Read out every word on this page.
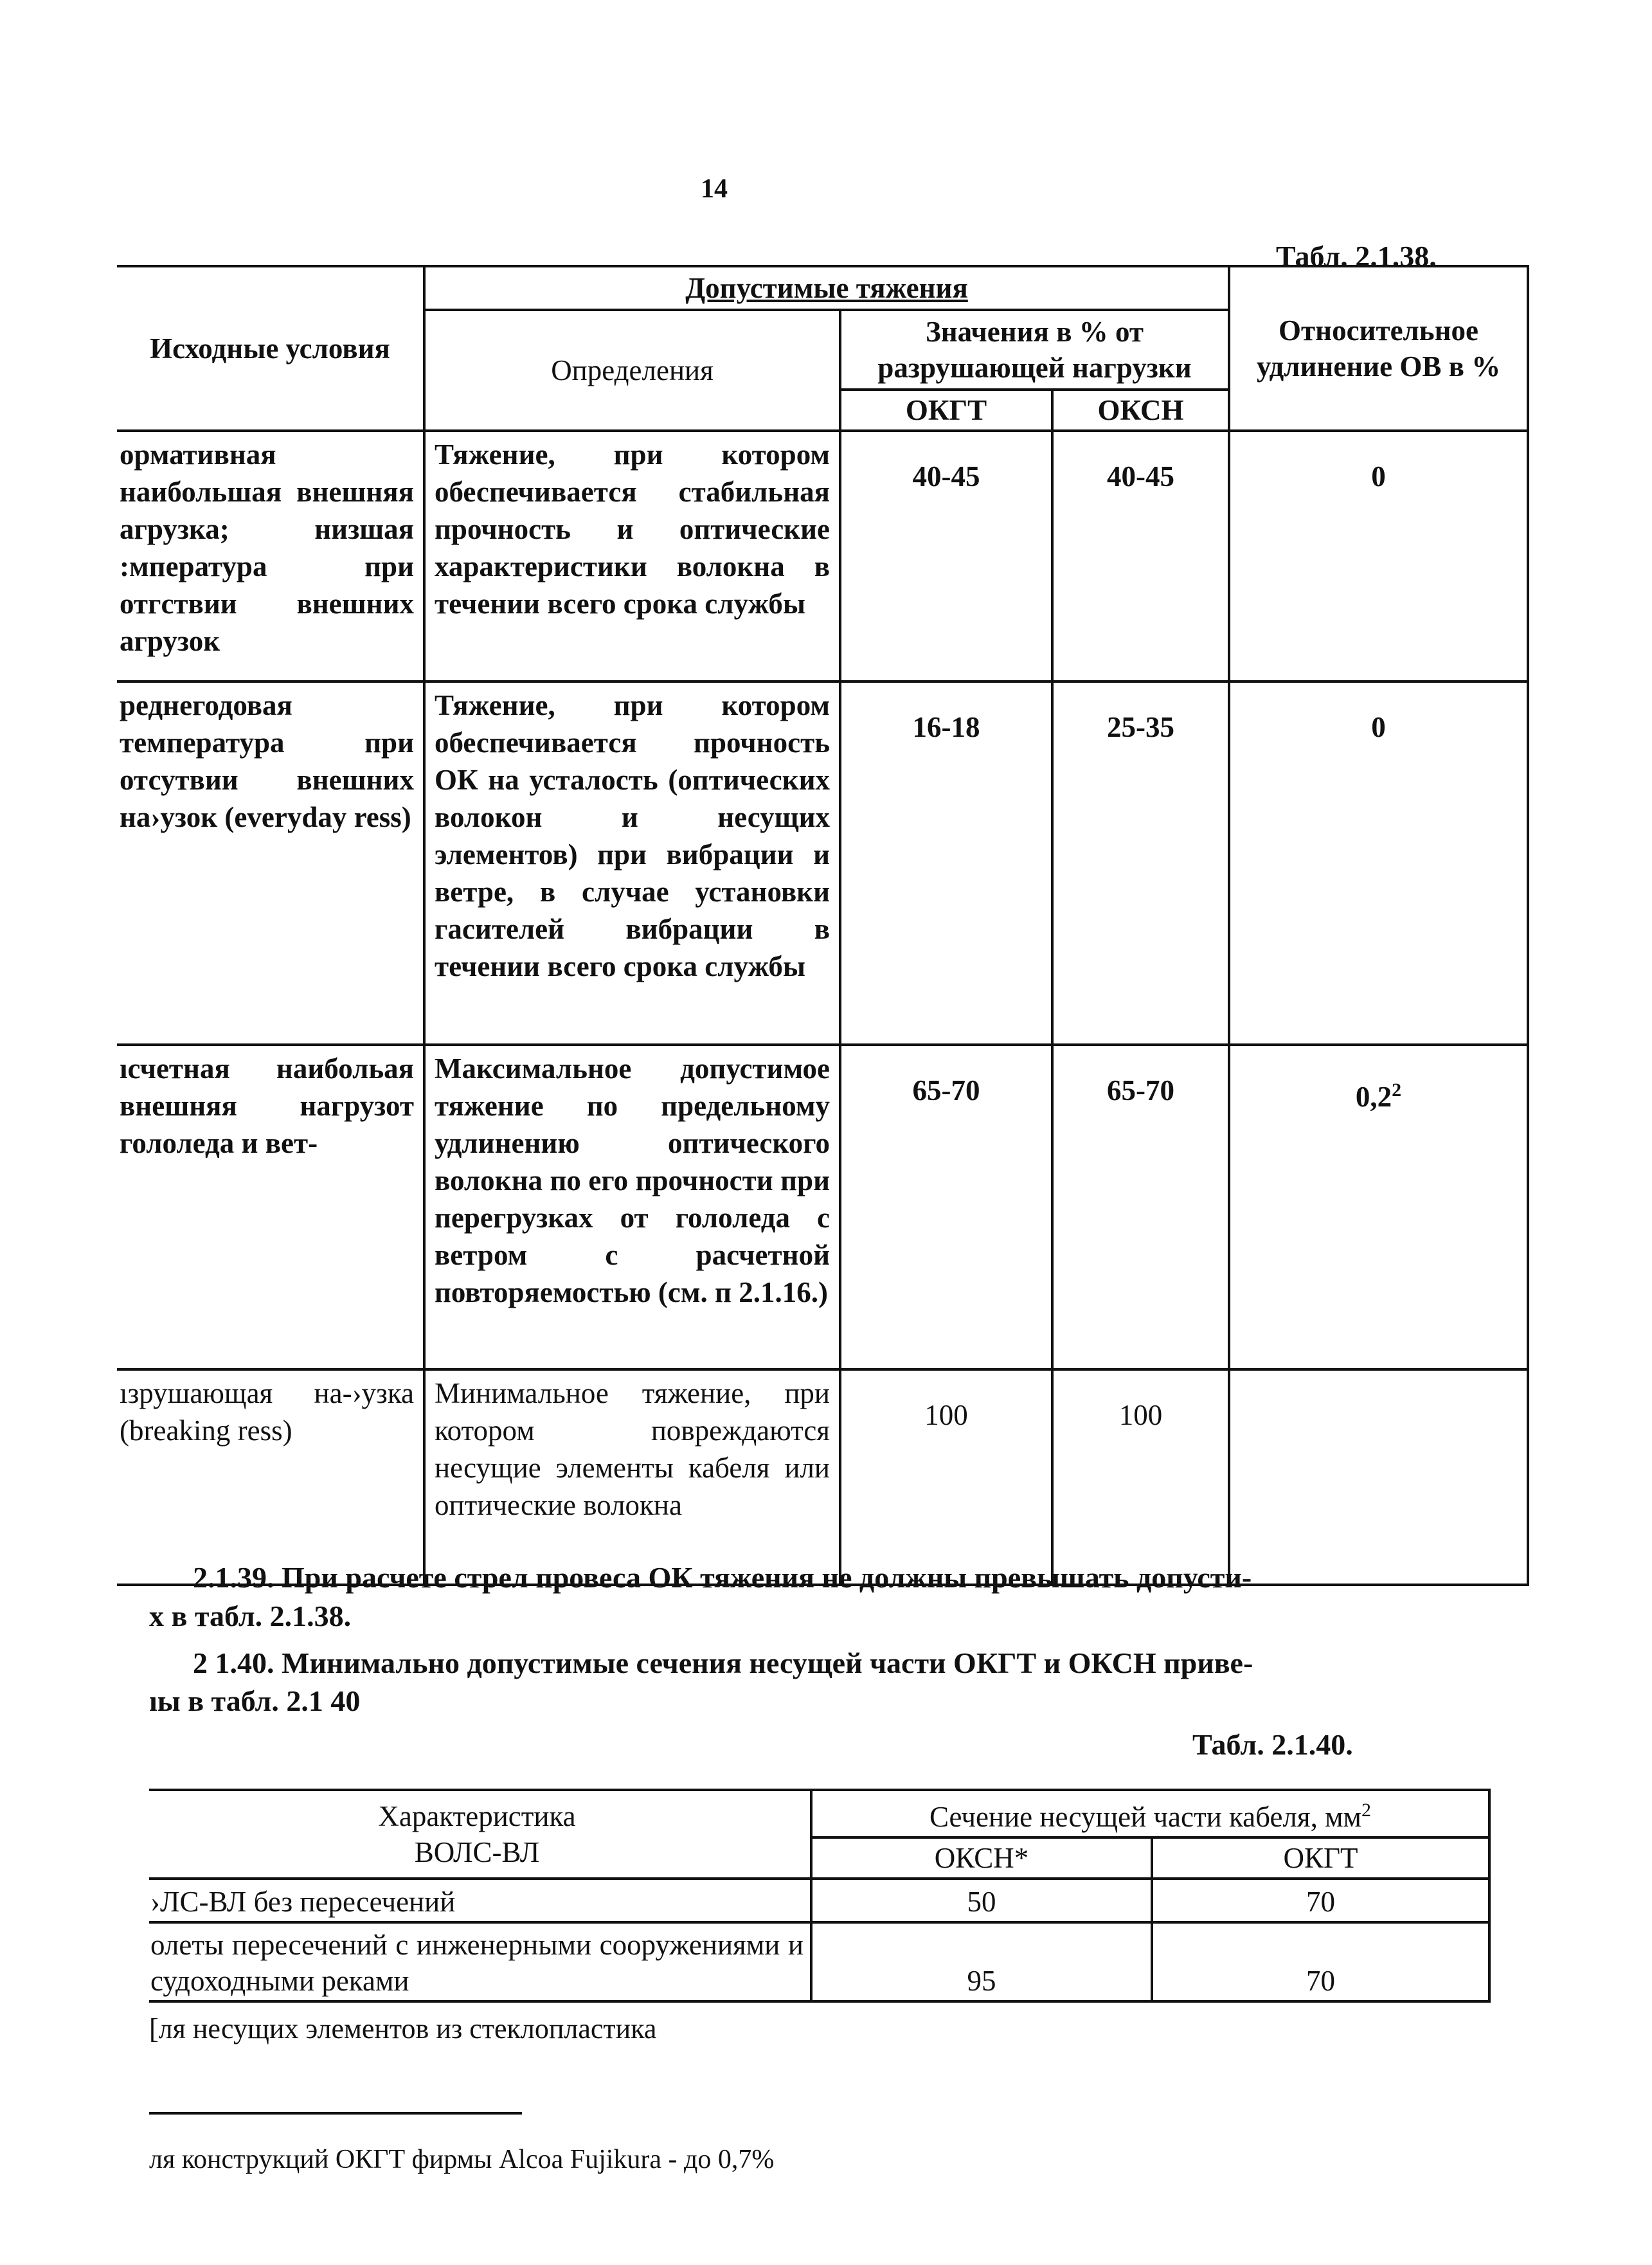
14
Табл. 2.1.38.
Исходные условия	Допустимые тяжения			Относительное удлинение ОВ в %
	Определения	Значения в % от разрушающей нагрузки		
		ОКГТ	ОКСН	
ормативная наибольшая внешняя агрузка; низшая :мпература при отгствии внешних агрузок	Тяжение, при котором обеспечивается стабильная прочность и оптические характеристики волокна в течении всего срока службы	40-45	40-45	0
реднегодовая температура при отсутвии внешних на›узок (everyday ress)	Тяжение, при котором обеспечивается прочность ОК на усталость (оптических волокон и несущих элементов) при вибрации и ветре, в случае установки гасителей вибрации в течении всего срока службы	16-18	25-35	0
ıсчетная наибольая внешняя нагрузот гололеда и вет-	Максимальное допустимое тяжение по предельному удлинению оптического волокна по его прочности при перегрузках от гололеда с ветром с расчетной повторяемостью (см. п 2.1.16.)	65-70	65-70	$0,2^2$
ıзрушающая на-›узка (breaking ress)	Минимальное тяжение, при котором повреждаются несущие элементы кабеля или оптические волокна	100	100	
2.1.39. При расчете стрел провеса ОК тяжения не должны превышать допусти-
х в табл. 2.1.38.
2 1.40. Минимально допустимые сечения несущей части ОКГТ и ОКСН приве-
ıы в табл. 2.1 40
Табл. 2.1.40.
Характеристика
ВОЛС-ВЛ	Сечение несущей части кабеля, $мм^2$
	ОКСН*	ОКГТ
›ЛС-ВЛ без пересечений	50	70
олеты пересечений с инженерными сооружениями и судоходными реками	95	70
[ля несущих элементов из стеклопластика
ля конструкций ОКГТ фирмы Alcoa Fujikura - до 0,7%
